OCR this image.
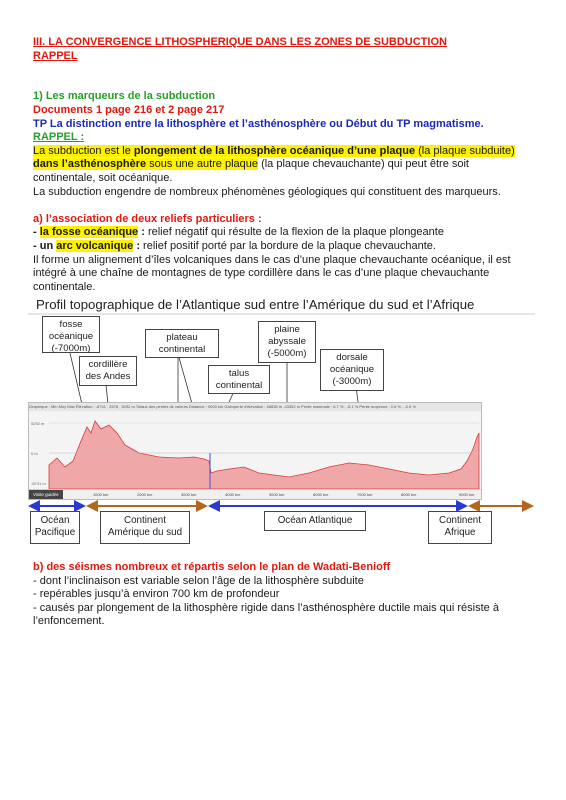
III. LA CONVERGENCE LITHOSPHERIQUE DANS LES ZONES DE SUBDUCTION
RAPPEL
1) Les marqueurs de la subduction
Documents 1 page 216 et 2 page 217
TP La distinction entre la lithosphère et l’asthénosphère ou Début du TP magmatisme.
RAPPEL :
La subduction est le plongement de la lithosphère océanique d’une plaque (la plaque subduite)
dans l’asthénosphère sous une autre plaque (la plaque chevauchante) qui peut être soit
continentale, soit océanique.
La subduction engendre de nombreux phénomènes géologiques qui constituent des marqueurs.
a) l’association de deux reliefs particuliers :
- la fosse océanique : relief négatif qui résulte de la flexion de la plaque plongeante
- un arc volcanique : relief positif porté par la bordure de la plaque chevauchante.
Il forme un alignement d’îles volcaniques dans le cas d’une plaque chevauchante océanique, il est
intégré à une chaîne de montagnes de type cordillère dans le cas d’une plaque chevauchante
continentale.
Profil topographique de l’Atlantique sud entre l’Amérique du sud et l’Afrique
fosse
océanique
(-7000m)
cordillère
des Andes
plateau
continental
talus
continental
plaine
abyssale
(-5000m)	dorsale
océanique
(-3000m)
Graphique : Min Moy Max Élévation : -8741 , 2578 , 5292 m Totaux des pentes de valeurs Distance : 9000 km Gain/perte d'élévation : 48636 m -43352 m Pente maximale : 6.7 % , -5.1 % Pente moyenne : 0.6 % , -0.5 %
5292 m
0 m
-8741 m
Visite guidée	1000 km	2000 km	3000 km	4000 km	5000 km	6000 km	7000 km	8000 km	9000 km
Océan
Pacifique
Continent
Amérique du sud
Océan Atlantique	Continent
Afrique
b) des séismes nombreux et répartis selon le plan de Wadati-Benioff
- dont l’inclinaison est variable selon l’âge de la lithosphère subduite
- repérables jusqu’à environ 700 km de profondeur
- causés par plongement de la lithosphère rigide dans l’asthénosphère ductile mais qui résiste à
l’enfoncement.
